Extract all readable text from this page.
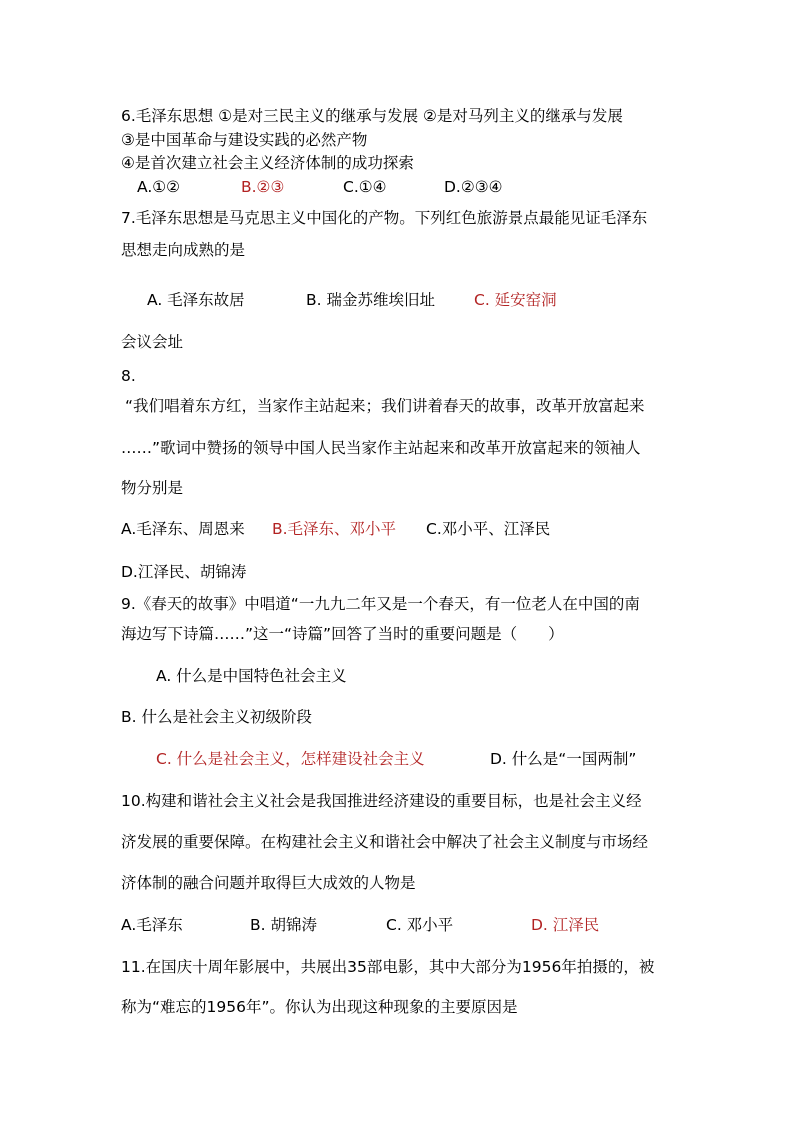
6.毛泽东思想 ①是对三民主义的继承与发展 ②是对马列主义的继承与发展
③是中国革命与建设实践的必然产物
④是首次建立社会主义经济体制的成功探索
A.①②	B.②③	C.①④	D.②③④
7.毛泽东思想是马克思主义中国化的产物。下列红色旅游景点最能见证毛泽东
思想走向成熟的是
A. 毛泽东故居	B. 瑞金苏维埃旧址	C. 延安窑洞
会议会址
8.
“我们唱着东方红，当家作主站起来；我们讲着春天的故事，改革开放富起来
……”歌词中赞扬的领导中国人民当家作主站起来和改革开放富起来的领袖人
物分别是
A.毛泽东、周恩来 B.毛泽东、邓小平 C.邓小平、江泽民
D.江泽民、胡锦涛
9.《春天的故事》中唱道“一九九二年又是一个春天，有一位老人在中国的南
海边写下诗篇……”这一“诗篇”回答了当时的重要问题是（　　）
A. 什么是中国特色社会主义
B. 什么是社会主义初级阶段
C. 什么是社会主义，怎样建设社会主义	D. 什么是“一国两制”
10.构建和谐社会主义社会是我国推进经济建设的重要目标，也是社会主义经
济发展的重要保障。在构建社会主义和谐社会中解决了社会主义制度与市场经
济体制的融合问题并取得巨大成效的人物是
A.毛泽东	B. 胡锦涛	C. 邓小平	D. 江泽民
11.在国庆十周年影展中，共展出35部电影，其中大部分为1956年拍摄的，被
称为“难忘的1956年”。你认为出现这种现象的主要原因是
